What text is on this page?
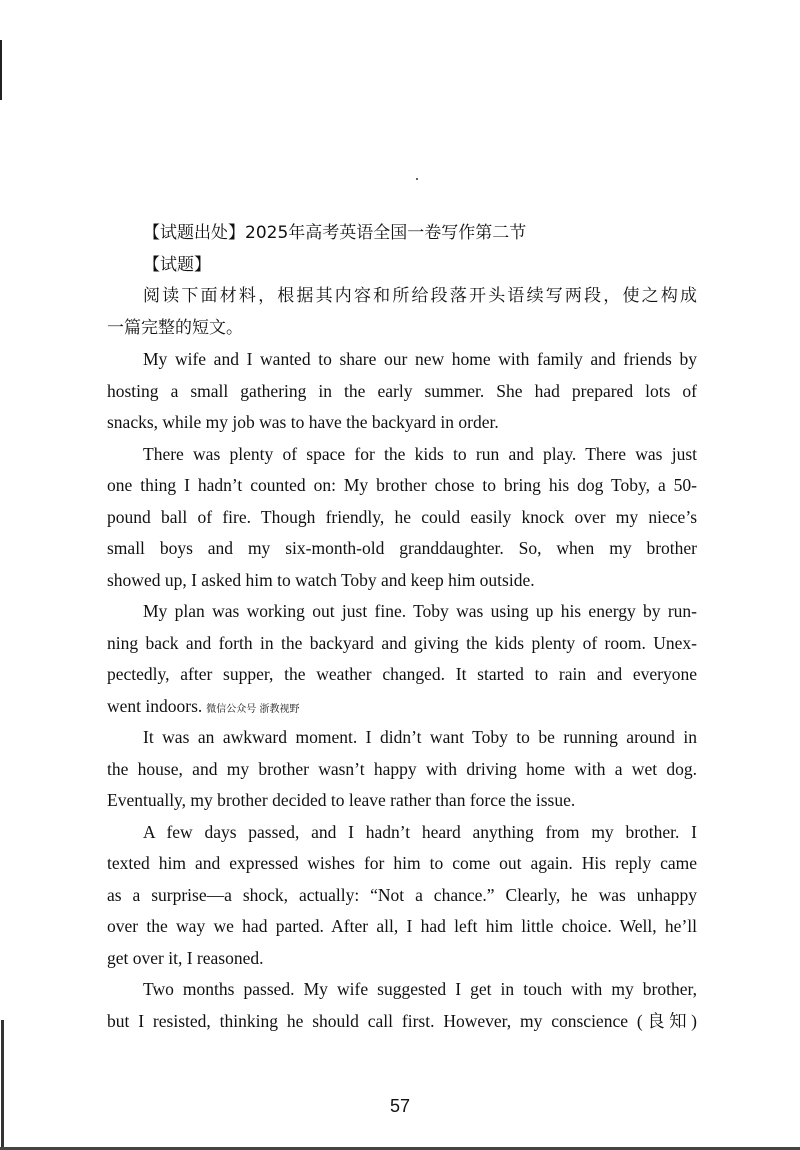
【试题出处】2025年高考英语全国一卷写作第二节
【试题】
阅读下面材料，根据其内容和所给段落开头语续写两段，使之构成
一篇完整的短文。
My wife and I wanted to share our new home with family and friends by
hosting a small gathering in the early summer. She had prepared lots of
snacks, while my job was to have the backyard in order.
There was plenty of space for the kids to run and play. There was just
one thing I hadn’t counted on: My brother chose to bring his dog Toby, a 50-
pound ball of fire. Though friendly, he could easily knock over my niece’s
small boys and my six-month-old granddaughter. So, when my brother
showed up, I asked him to watch Toby and keep him outside.
My plan was working out just fine. Toby was using up his energy by run-
ning back and forth in the backyard and giving the kids plenty of room. Unex-
pectedly, after supper, the weather changed. It started to rain and everyone
went indoors. 微信公众号 浙教视野
It was an awkward moment. I didn’t want Toby to be running around in
the house, and my brother wasn’t happy with driving home with a wet dog.
Eventually, my brother decided to leave rather than force the issue.
A few days passed, and I hadn’t heard anything from my brother. I
texted him and expressed wishes for him to come out again. His reply came
as a surprise—a shock, actually: “Not a chance.” Clearly, he was unhappy
over the way we had parted. After all, I had left him little choice. Well, he’ll
get over it, I reasoned.
Two months passed. My wife suggested I get in touch with my brother,
but I resisted, thinking he should call first. However, my conscience (良知)
57
